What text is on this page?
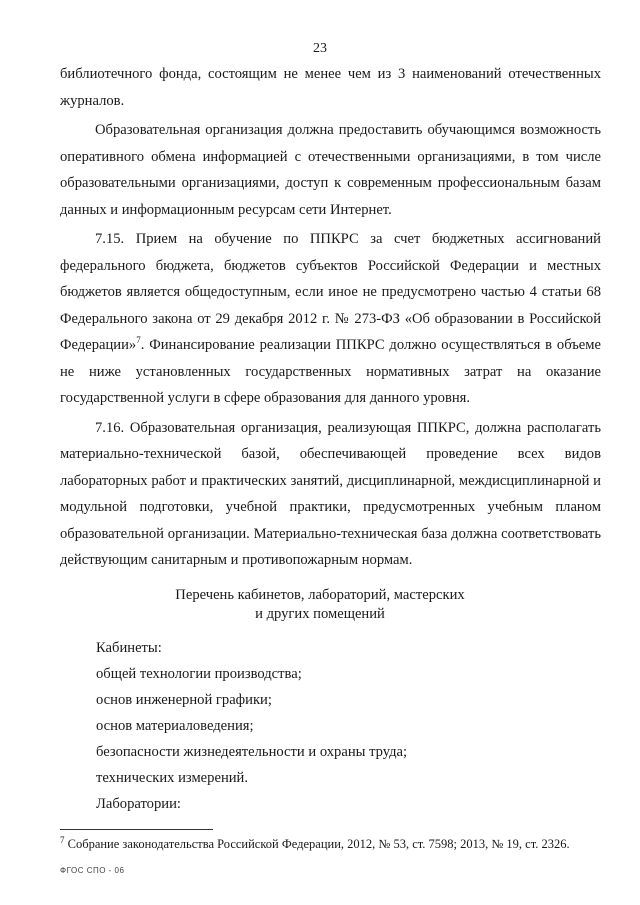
23

библиотечного фонда, состоящим не менее чем из 3 наименований отечественных журналов.

Образовательная организация должна предоставить обучающимся возможность оперативного обмена информацией с отечественными организациями, в том числе образовательными организациями, доступ к современным профессиональным базам данных и информационным ресурсам сети Интернет.

7.15. Прием на обучение по ППКРС за счет бюджетных ассигнований федерального бюджета, бюджетов субъектов Российской Федерации и местных бюджетов является общедоступным, если иное не предусмотрено частью 4 статьи 68 Федерального закона от 29 декабря 2012 г. № 273-ФЗ «Об образовании в Российской Федерации»$^7$. Финансирование реализации ППКРС должно осуществляться в объеме не ниже установленных государственных нормативных затрат на оказание государственной услуги в сфере образования для данного уровня.

7.16. Образовательная организация, реализующая ППКРС, должна располагать материально-технической базой, обеспечивающей проведение всех видов лабораторных работ и практических занятий, дисциплинарной, междисциплинарной и модульной подготовки, учебной практики, предусмотренных учебным планом образовательной организации. Материально-техническая база должна соответствовать действующим санитарным и противопожарным нормам.

Перечень кабинетов, лабораторий, мастерских
и других помещений
Кабинеты:
общей технологии производства;
основ инженерной графики;
основ материаловедения;
безопасности жизнедеятельности и охраны труда;
технических измерений.
Лаборатории:
$^7$ Собрание законодательства Российской Федерации, 2012, № 53, ст. 7598; 2013, № 19, ст. 2326.
ФГОС СПО - 06
